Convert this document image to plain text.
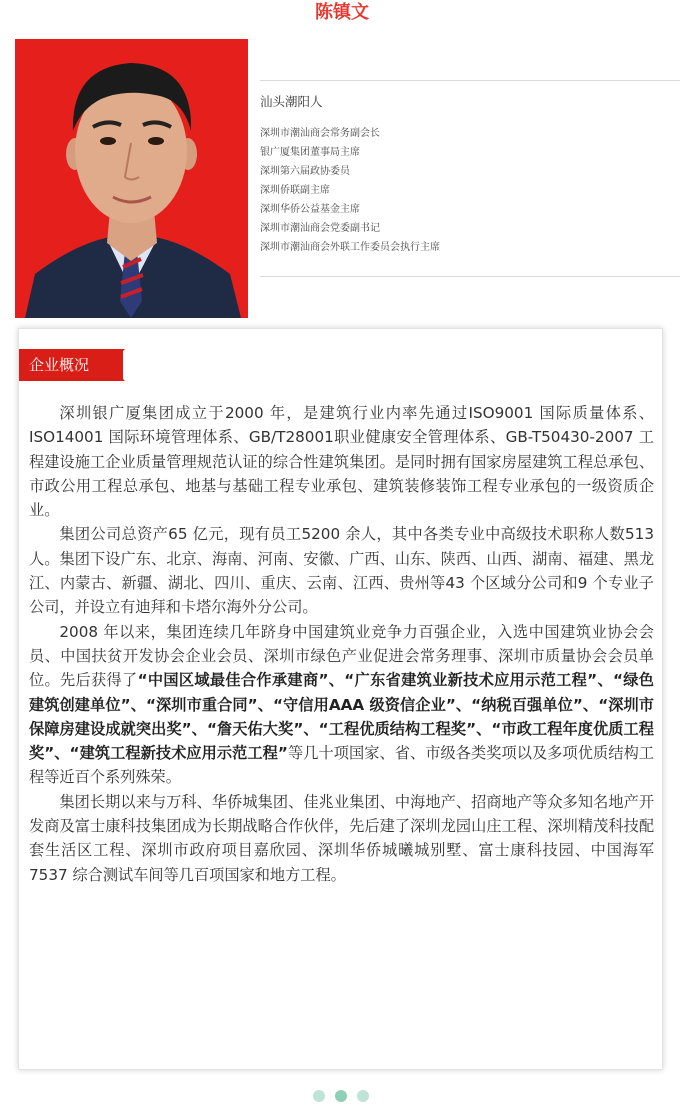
陈镇文
汕头潮阳人
深圳市潮汕商会常务副会长
银广厦集团董事局主席
深圳第六届政协委员
深圳侨联副主席
深圳华侨公益基金主席
深圳市潮汕商会党委副书记
深圳市潮汕商会外联工作委员会执行主席
企业概况

深圳银广厦集团成立于2000 年，是建筑行业内率先通过ISO9001 国际质量体系、ISO14001 国际环境管理体系、GB/T28001职业健康安全管理体系、GB-T50430-2007 工程建设施工企业质量管理规范认证的综合性建筑集团。是同时拥有国家房屋建筑工程总承包、市政公用工程总承包、地基与基础工程专业承包、建筑装修装饰工程专业承包的一级资质企业。

集团公司总资产65 亿元，现有员工5200 余人，其中各类专业中高级技术职称人数513 人。集团下设广东、北京、海南、河南、安徽、广西、山东、陕西、山西、湖南、福建、黑龙江、内蒙古、新疆、湖北、四川、重庆、云南、江西、贵州等43 个区域分公司和9 个专业子公司，并设立有迪拜和卡塔尔海外分公司。

2008 年以来，集团连续几年跻身中国建筑业竞争力百强企业，入选中国建筑业协会会员、中国扶贫开发协会企业会员、深圳市绿色产业促进会常务理事、深圳市质量协会会员单位。先后获得了“中国区域最佳合作承建商”、“广东省建筑业新技术应用示范工程”、“绿色建筑创建单位”、“深圳市重合同”、“守信用AAA 级资信企业”、“纳税百强单位”、“深圳市保障房建设成就突出奖”、“詹天佑大奖”、“工程优质结构工程奖”、“市政工程年度优质工程奖”、“建筑工程新技术应用示范工程”等几十项国家、省、市级各类奖项以及多项优质结构工程等近百个系列殊荣。

集团长期以来与万科、华侨城集团、佳兆业集团、中海地产、招商地产等众多知名地产开发商及富士康科技集团成为长期战略合作伙伴，先后建了深圳龙园山庄工程、深圳精茂科技配套生活区工程、深圳市政府项目嘉欣园、深圳华侨城曦城别墅、富士康科技园、中国海军7537 综合测试车间等几百项国家和地方工程。
